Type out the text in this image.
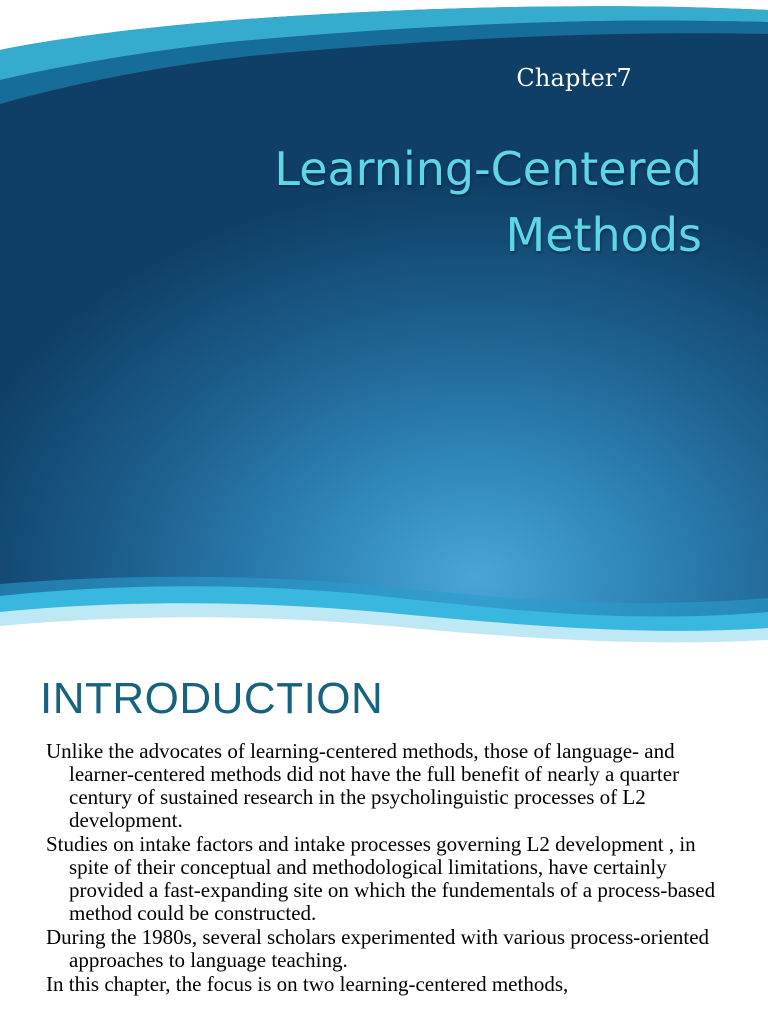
Chapter7
Learning-Centered
Methods
INTRODUCTION
Unlike the advocates of learning-centered methods, those of language- and learner-centered methods did not have the full benefit of nearly a quarter century of sustained research in the psycholinguistic processes of L2 development.
Studies on intake factors and intake processes governing L2 development , in spite of their conceptual and methodological limitations, have certainly provided a fast-expanding site on which the fundementals of a process-based method could be constructed.
During the 1980s, several scholars experimented with various process-oriented approaches to language teaching.
In this chapter, the focus is on two learning-centered methods,
